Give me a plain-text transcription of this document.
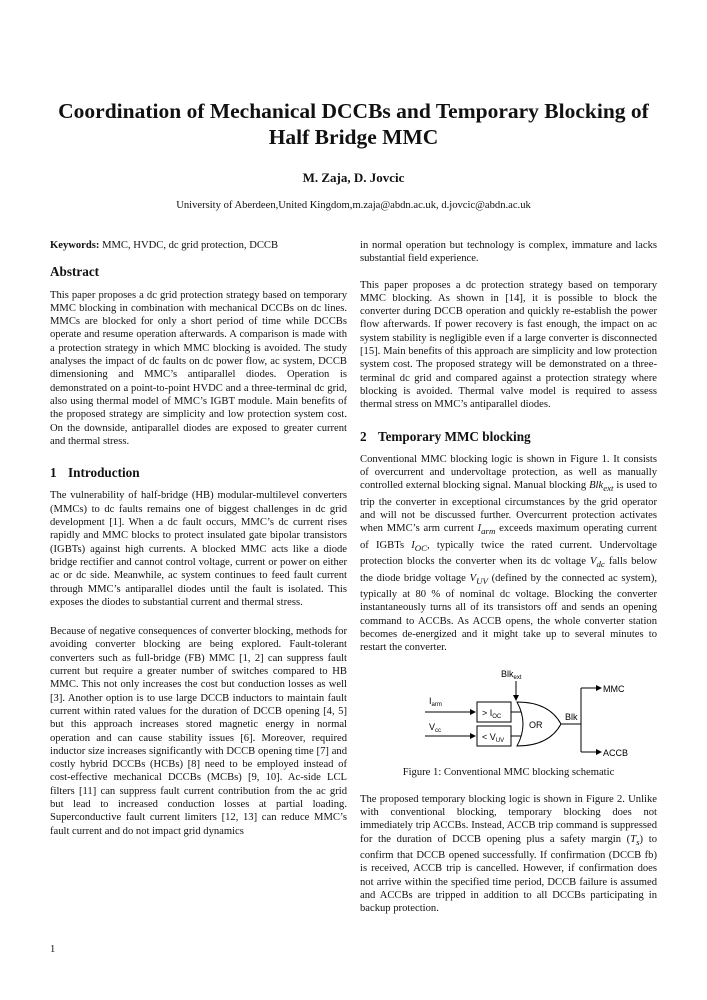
Coordination of Mechanical DCCBs and Temporary Blocking of Half Bridge MMC
M. Zaja, D. Jovcic
University of Aberdeen,United Kingdom,m.zaja@abdn.ac.uk, d.jovcic@abdn.ac.uk
Keywords: MMC, HVDC, dc grid protection, DCCB
Abstract

This paper proposes a dc grid protection strategy based on temporary MMC blocking in combination with mechanical DCCBs on dc lines. MMCs are blocked for only a short period of time while DCCBs operate and resume operation afterwards. A comparison is made with a protection strategy in which MMC blocking is avoided. The study analyses the impact of dc faults on dc power flow, ac system, DCCB dimensioning and MMC’s antiparallel diodes. Operation is demonstrated on a point-to-point HVDC and a three-terminal dc grid, also using thermal model of MMC’s IGBT module. Main benefits of the proposed strategy are simplicity and low protection system cost. On the downside, antiparallel diodes are exposed to greater current and thermal stress.

1 Introduction

The vulnerability of half-bridge (HB) modular-multilevel converters (MMCs) to dc faults remains one of biggest challenges in dc grid development [1]. When a dc fault occurs, MMC’s dc current rises rapidly and MMC blocks to protect insulated gate bipolar transistors (IGBTs) against high currents. A blocked MMC acts like a diode bridge rectifier and cannot control voltage, current or power on either ac or dc side. Meanwhile, ac system continues to feed fault current through MMC’s antiparallel diodes until the fault is isolated. This exposes the diodes to substantial current and thermal stress.

Because of negative consequences of converter blocking, methods for avoiding converter blocking are being explored. Fault-tolerant converters such as full-bridge (FB) MMC [1, 2] can suppress fault current but require a greater number of switches compared to HB MMC. This not only increases the cost but conduction losses as well [3]. Another option is to use large DCCB inductors to maintain fault current within rated values for the duration of DCCB opening [4, 5] but this approach increases stored magnetic energy in normal operation and can cause stability issues [6]. Moreover, required inductor size increases significantly with DCCB opening time [7] and costly hybrid DCCBs (HCBs) [8] need to be employed instead of cost-effective mechanical DCCBs (MCBs) [9, 10]. Ac-side LCL filters [11] can suppress fault current contribution from the ac grid but lead to increased conduction losses at partial loading. Superconductive fault current limiters [12, 13] can reduce MMC’s fault current and do not impact grid dynamics

in normal operation but technology is complex, immature and lacks substantial field experience.

This paper proposes a dc protection strategy based on temporary MMC blocking. As shown in [14], it is possible to block the converter during DCCB operation and quickly re-establish the power flow afterwards. If power recovery is fast enough, the impact on ac system stability is negligible even if a large converter is disconnected [15]. Main benefits of this approach are simplicity and low protection system cost. The proposed strategy will be demonstrated on a three-terminal dc grid and compared against a protection strategy where blocking is avoided. Thermal valve model is required to assess thermal stress on MMC’s antiparallel diodes.

2 Temporary MMC blocking

Conventional MMC blocking logic is shown in Figure 1. It consists of overcurrent and undervoltage protection, as well as manually controlled external blocking signal. Manual blocking Blk$_{ext}$ is used to trip the converter in exceptional circumstances by the grid operator and will not be discussed further. Overcurrent protection activates when MMC’s arm current $I_{arm}$ exceeds maximum operating current of IGBTs $I_{OC}$, typically twice the rated current. Undervoltage protection blocks the converter when its dc voltage $V_{dc}$ falls below the diode bridge voltage $V_{UV}$ (defined by the connected ac system), typically at 80 % of nominal dc voltage. Blocking the converter instantaneously turns all of its transistors off and sends an opening command to ACCBs. As ACCB opens, the whole converter station becomes de-energized and it might take up to several minutes to restart the converter.

Blk$_{ext}$
$I_{arm}$
$V_{cc}$
> $I_{OC}$
< $V_{UV}$
OR
Blk
MMC
ACCB
Figure 1: Conventional MMC blocking schematic

The proposed temporary blocking logic is shown in Figure 2. Unlike with conventional blocking, temporary blocking does not immediately trip ACCBs. Instead, ACCB trip command is suppressed for the duration of DCCB opening plus a safety margin $(T_s)$ to confirm that DCCB opened successfully. If confirmation (DCCB fb) is received, ACCB trip is cancelled. However, if confirmation does not arrive within the specified time period, DCCB failure is assumed and ACCBs are tripped in addition to all DCCBs participating in backup protection.

1
